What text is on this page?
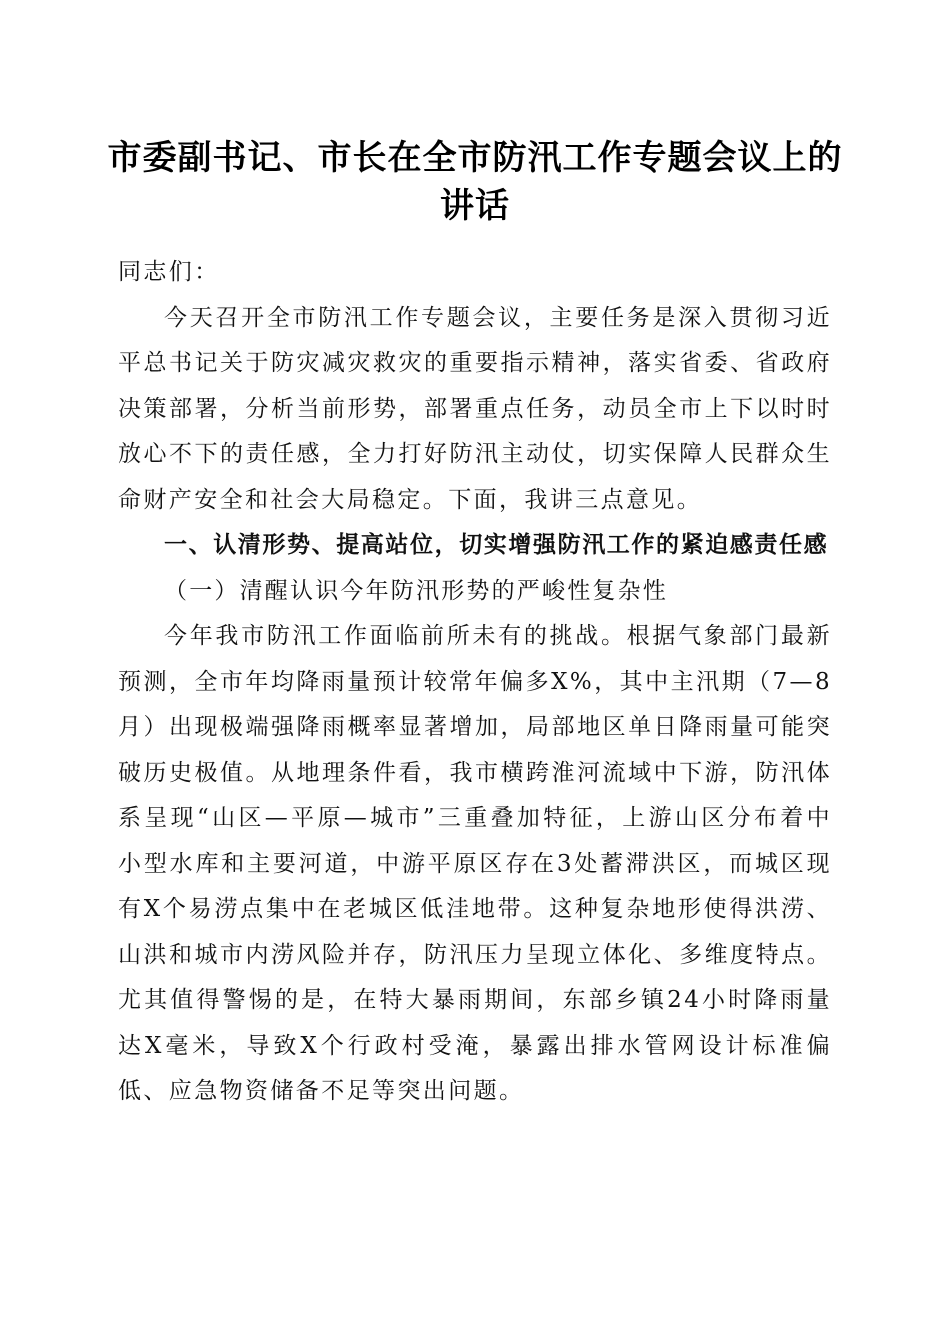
市委副书记、市长在全市防汛工作专题会议上的讲话

同志们：

今天召开全市防汛工作专题会议，主要任务是深入贯彻习近平总书记关于防灾减灾救灾的重要指示精神，落实省委、省政府决策部署，分析当前形势，部署重点任务，动员全市上下以时时放心不下的责任感，全力打好防汛主动仗，切实保障人民群众生命财产安全和社会大局稳定。下面，我讲三点意见。

一、认清形势、提高站位，切实增强防汛工作的紧迫感责任感

（一）清醒认识今年防汛形势的严峻性复杂性

今年我市防汛工作面临前所未有的挑战。根据气象部门最新预测，全市年均降雨量预计较常年偏多X%，其中主汛期（7—8月）出现极端强降雨概率显著增加，局部地区单日降雨量可能突破历史极值。从地理条件看，我市横跨淮河流域中下游，防汛体系呈现“山区—平原—城市”三重叠加特征，上游山区分布着中小型水库和主要河道，中游平原区存在3处蓄滞洪区，而城区现有X个易涝点集中在老城区低洼地带。这种复杂地形使得洪涝、山洪和城市内涝风险并存，防汛压力呈现立体化、多维度特点。尤其值得警惕的是，在特大暴雨期间，东部乡镇24小时降雨量达X毫米，导致X个行政村受淹，暴露出排水管网设计标准偏低、应急物资储备不足等突出问题。
